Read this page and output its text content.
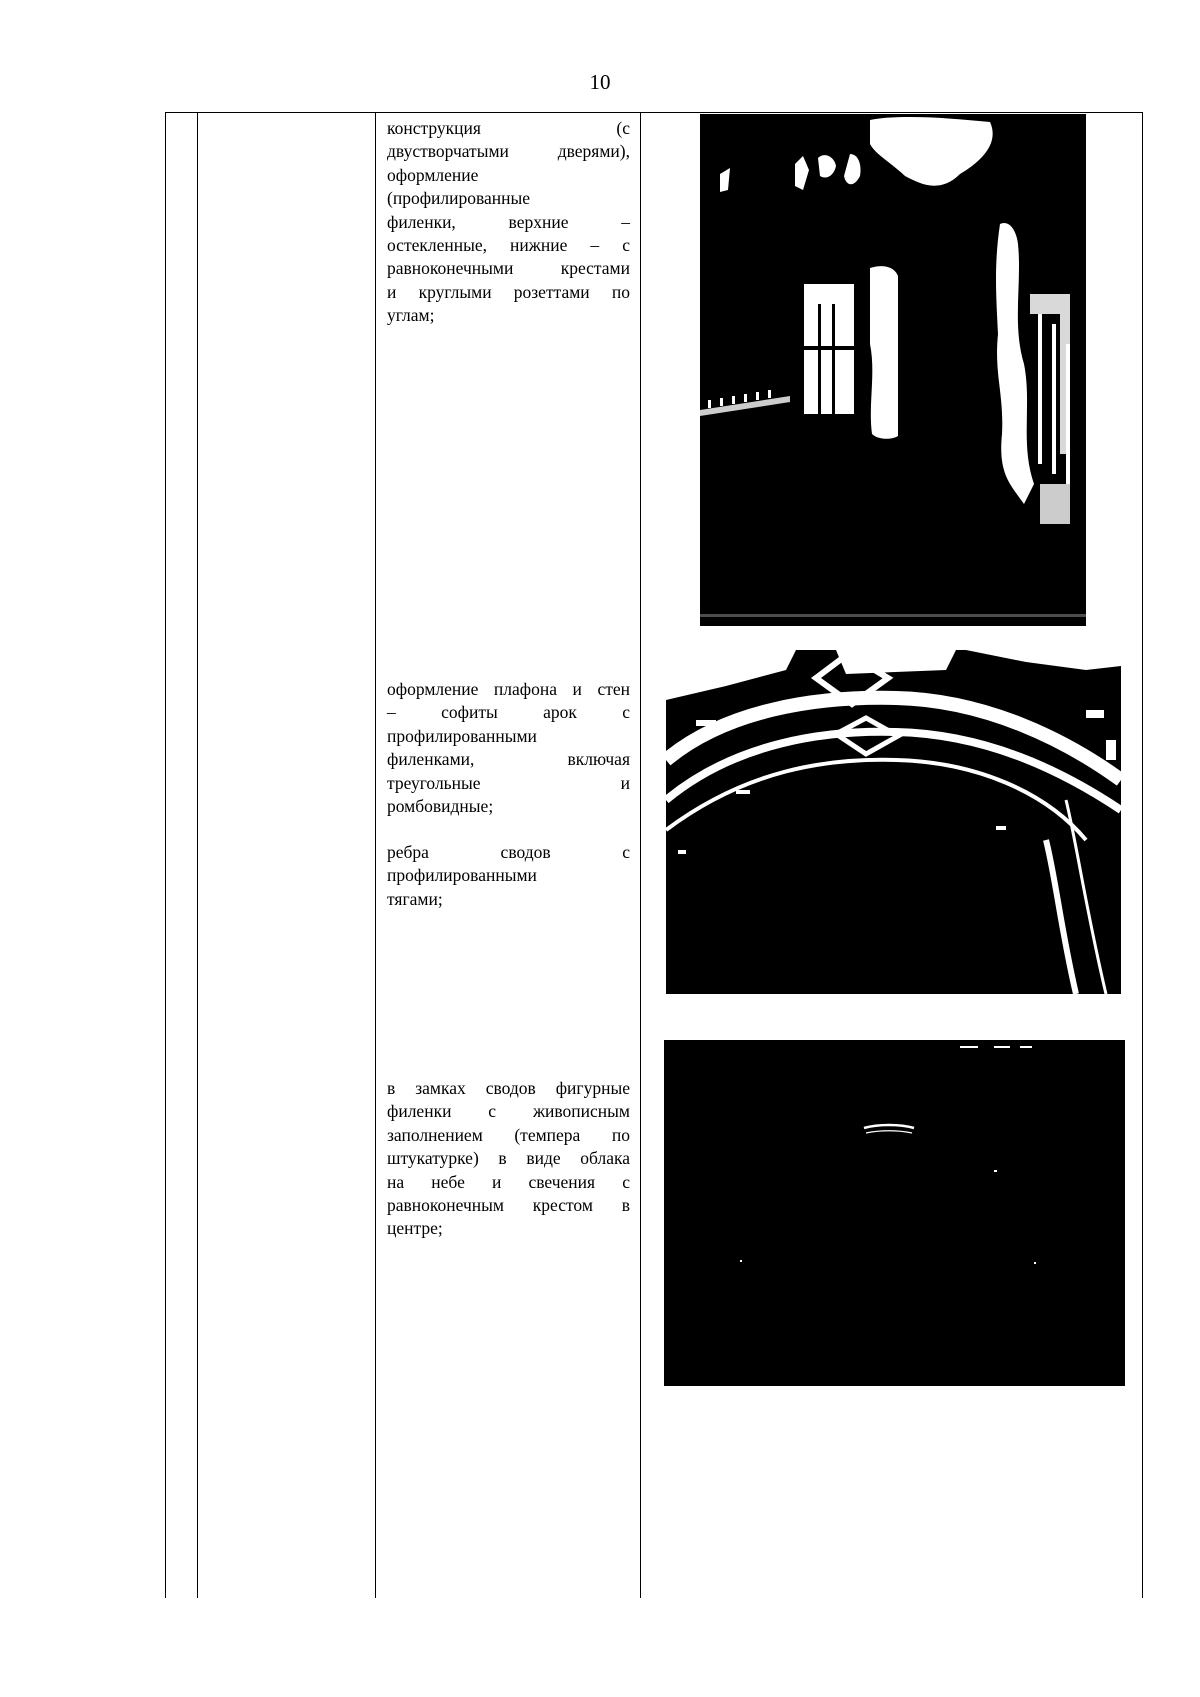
10
конструкция (с
двустворчатыми дверями),
оформление
(профилированные
филенки, верхние –
остекленные, нижние – с
равноконечными крестами
и круглыми розеттами по
углам;
оформление плафона и стен
– софиты арок с
профилированными
филенками, включая
треугольные и
ромбовидные;
ребра сводов с
профилированными
тягами;
в замках сводов фигурные
филенки с живописным
заполнением (темпера по
штукатурке) в виде облака
на небе и свечения с
равноконечным крестом в
центре;
